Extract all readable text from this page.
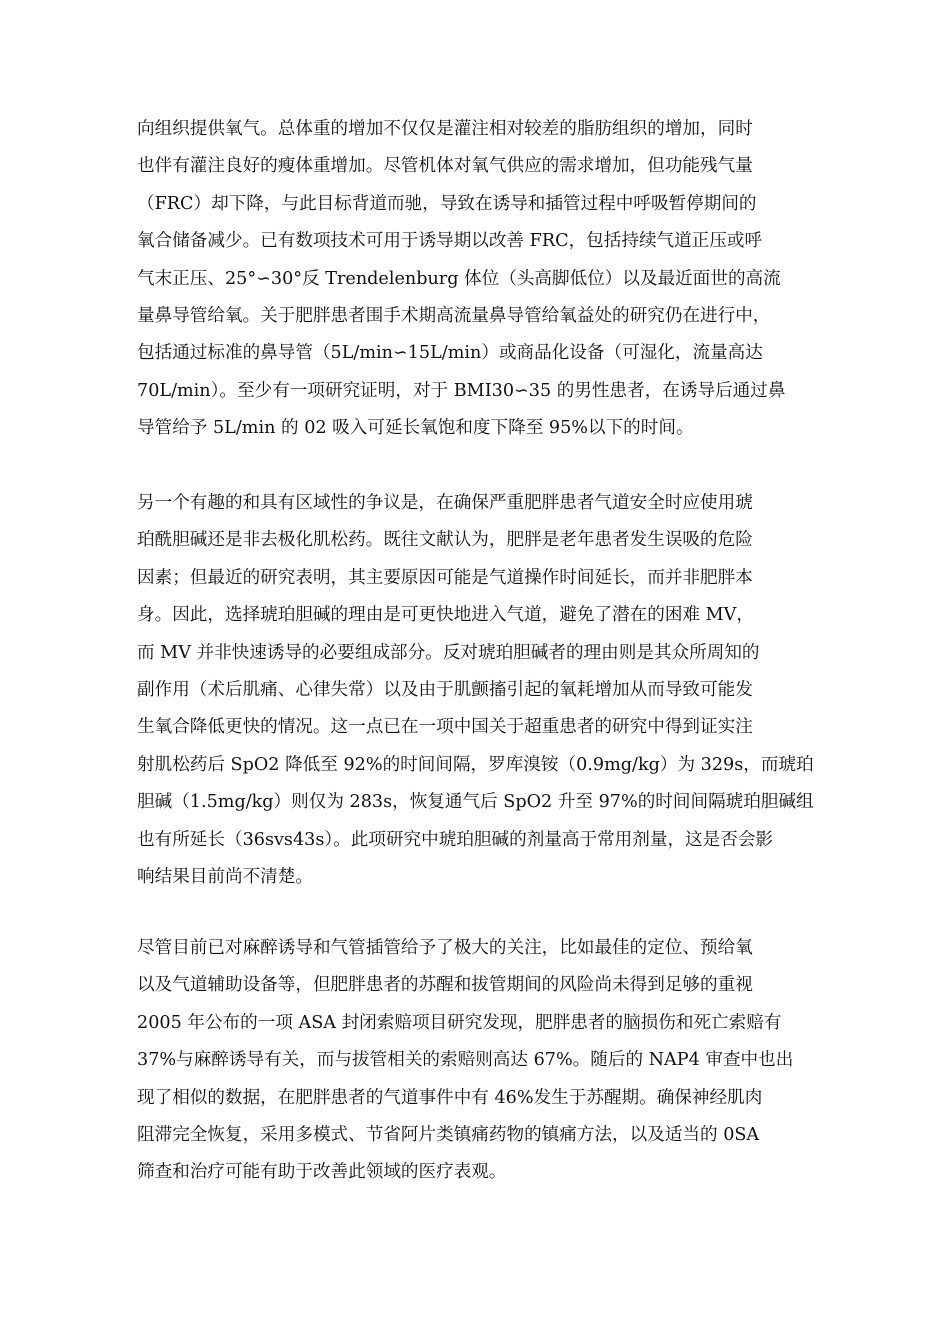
向组织提供氧气。总体重的增加不仅仅是灌注相对较差的脂肪组织的增加，同时
也伴有灌注良好的瘦体重增加。尽管机体对氧气供应的需求增加，但功能残气量
（FRC）却下降，与此目标背道而驰，导致在诱导和插管过程中呼吸暂停期间的
氧合储备减少。已有数项技术可用于诱导期以改善 FRC，包括持续气道正压或呼
气末正压、25°∽30°反 Trendelenburg 体位（头高脚低位）以及最近面世的高流
量鼻导管给氧。关于肥胖患者围手术期高流量鼻导管给氧益处的研究仍在进行中，
包括通过标准的鼻导管（5L/min∽15L/min）或商品化设备（可湿化，流量高达
70L/min）。至少有一项研究证明，对于 BMI30∽35 的男性患者，在诱导后通过鼻
导管给予 5L/min 的 02 吸入可延长氧饱和度下降至 95%以下的时间。
另一个有趣的和具有区域性的争议是，在确保严重肥胖患者气道安全时应使用琥
珀酰胆碱还是非去极化肌松药。既往文献认为，肥胖是老年患者发生误吸的危险
因素；但最近的研究表明，其主要原因可能是气道操作时间延长，而并非肥胖本
身。因此，选择琥珀胆碱的理由是可更快地进入气道，避免了潜在的困难 MV，
而 MV 并非快速诱导的必要组成部分。反对琥珀胆碱者的理由则是其众所周知的
副作用（术后肌痛、心律失常）以及由于肌颤搐引起的氧耗增加从而导致可能发
生氧合降低更快的情况。这一点已在一项中国关于超重患者的研究中得到证实注
射肌松药后 SpO2 降低至 92%的时间间隔，罗库溴铵（0.9mg/kg）为 329s，而琥珀
胆碱（1.5mg/kg）则仅为 283s，恢复通气后 SpO2 升至 97%的时间间隔琥珀胆碱组
也有所延长（36svs43s）。此项研究中琥珀胆碱的剂量高于常用剂量，这是否会影
响结果目前尚不清楚。
尽管目前已对麻醉诱导和气管插管给予了极大的关注，比如最佳的定位、预给氧
以及气道辅助设备等，但肥胖患者的苏醒和拔管期间的风险尚未得到足够的重视
2005 年公布的一项 ASA 封闭索赔项目研究发现，肥胖患者的脑损伤和死亡索赔有
37%与麻醉诱导有关，而与拔管相关的索赔则高达 67%。随后的 NAP4 审查中也出
现了相似的数据，在肥胖患者的气道事件中有 46%发生于苏醒期。确保神经肌肉
阻滞完全恢复，采用多模式、节省阿片类镇痛药物的镇痛方法，以及适当的 0SA
筛查和治疗可能有助于改善此领域的医疗表观。
